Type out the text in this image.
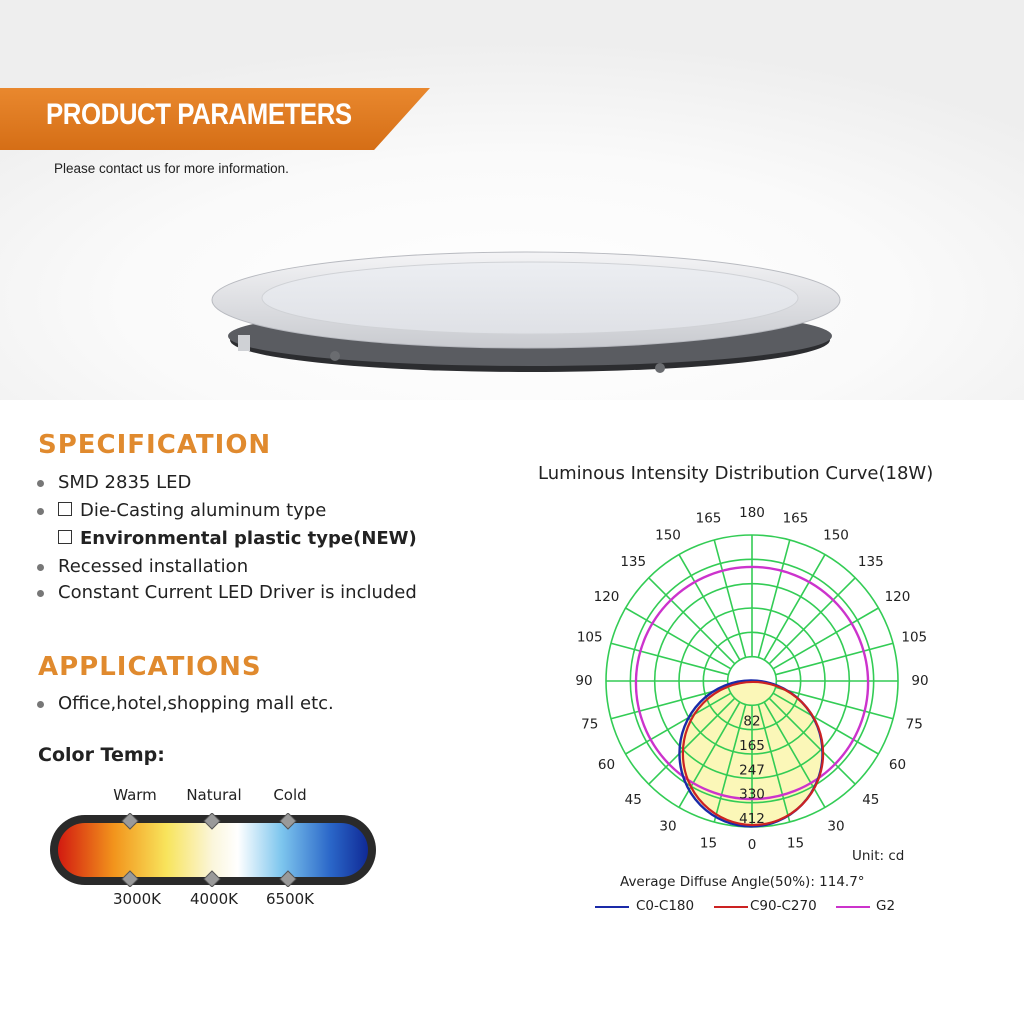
PRODUCT PARAMETERS
Please contact us for more information.
SPECIFICATION
SMD 2835 LED
Die-Casting aluminum type
Environmental plastic type(NEW)
Recessed installation
Constant Current LED Driver is included
APPLICATIONS
Office,hotel,shopping mall etc.
Color Temp:
Warm	Natural	Cold
3000K	4000K	6500K
Luminous Intensity Distribution Curve(18W)
0
15	15
30	30
45	45
60	60
75	75
90	90
105	105
120	120
135	135
150	150
165	165
180
82
165
247
330
412
Unit: cd
Average Diffuse Angle(50%): 114.7°
C0-C180	C90-C270	G2
